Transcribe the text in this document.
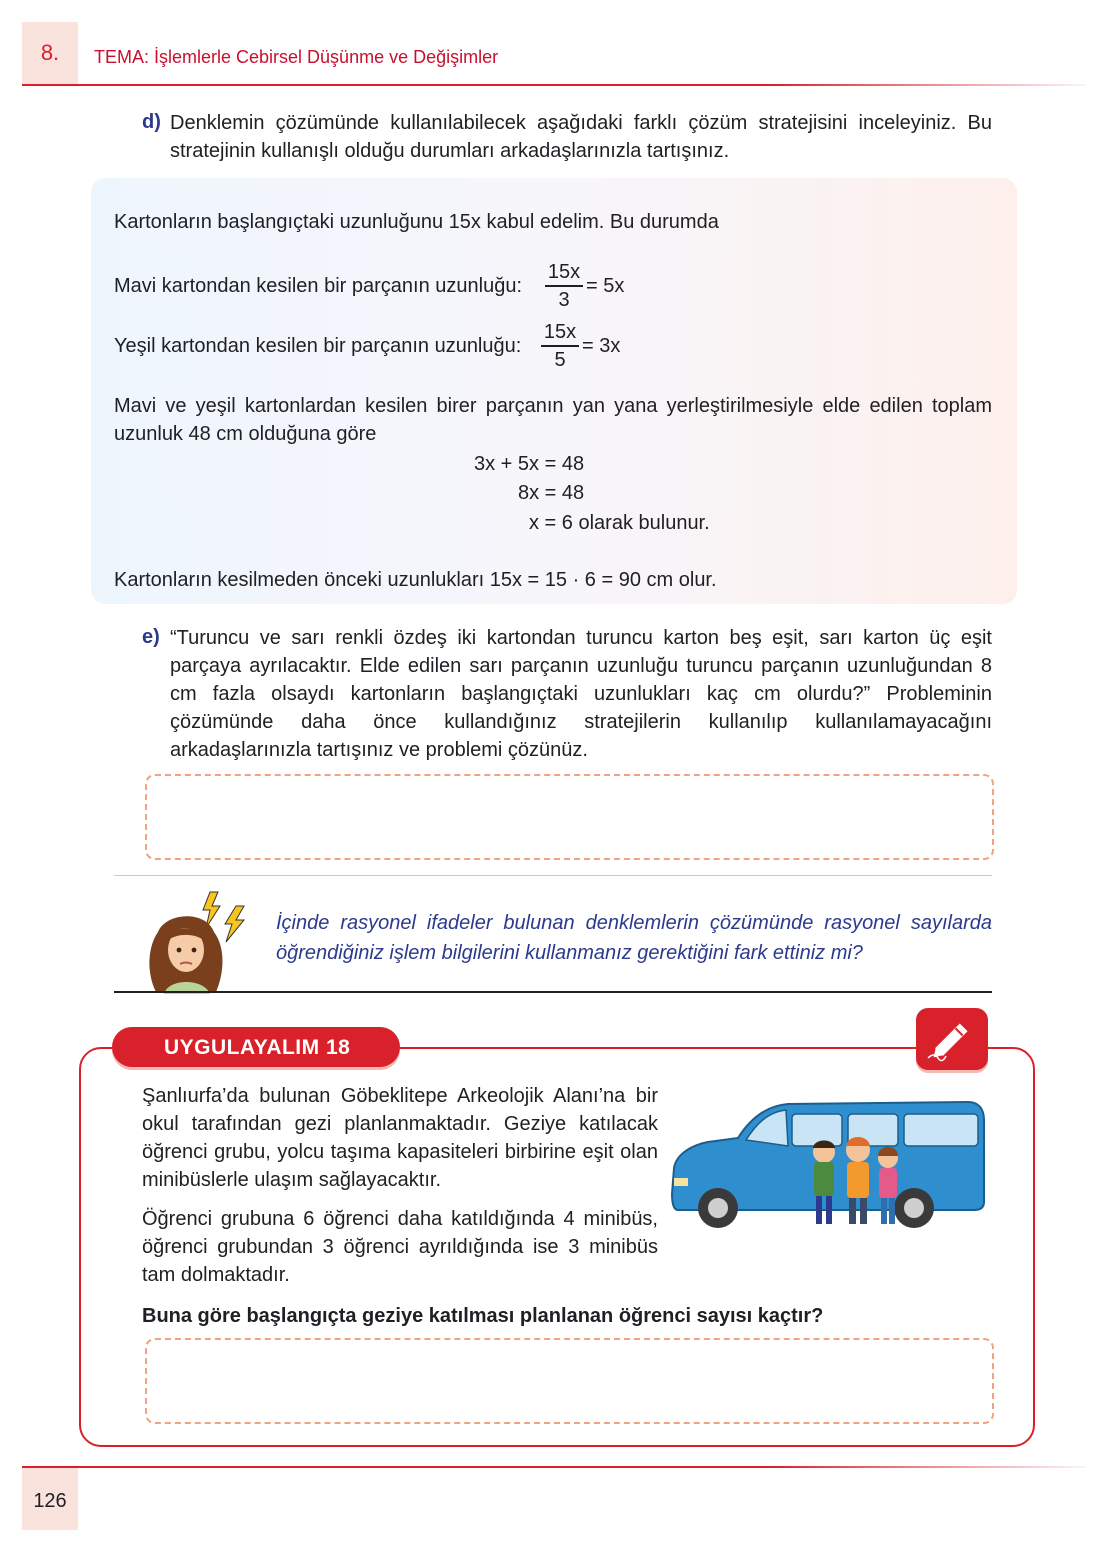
8.	TEMA: İşlemlerle Cebirsel Düşünme ve Değişimler
d) Denklemin çözümünde kullanılabilecek aşağıdaki farklı çözüm stratejisini inceleyiniz. Bu stratejinin kullanışlı olduğu durumları arkadaşlarınızla tartışınız.
Kartonların başlangıçtaki uzunluğunu 15x kabul edelim. Bu durumda
Mavi kartondan kesilen bir parçanın uzunluğu:
15x
3
= 5x
Yeşil kartondan kesilen bir parçanın uzunluğu:
15x
5
= 3x
Mavi ve yeşil kartonlardan kesilen birer parçanın yan yana yerleştirilmesiyle elde edilen toplam uzunluk 48 cm olduğuna göre
3x + 5x = 48
8x = 48
x = 6 olarak bulunur.
Kartonların kesilmeden önceki uzunlukları 15x = 15 · 6 = 90 cm olur.
e) “Turuncu ve sarı renkli özdeş iki kartondan turuncu karton beş eşit, sarı karton üç eşit parçaya ayrılacaktır. Elde edilen sarı parçanın uzunluğu turuncu parçanın uzunluğundan 8 cm fazla olsaydı kartonların başlangıçtaki uzunlukları kaç cm olurdu?” Probleminin çözümünde daha önce kullandığınız stratejilerin kullanılıp kullanılamayacağını arkadaşlarınızla tartışınız ve problemi çözünüz.
İçinde rasyonel ifadeler bulunan denklemlerin çözümünde rasyonel sayılarda öğrendiğiniz işlem bilgilerini kullanmanız gerektiğini fark ettiniz mi?
UYGULAYALIM 18
Şanlıurfa’da bulunan Göbeklitepe Arkeolojik Alanı’na bir okul tarafından gezi planlanmaktadır. Geziye katılacak öğrenci grubu, yolcu taşıma kapasiteleri birbirine eşit olan minibüslerle ulaşım sağlayacaktır.
Öğrenci grubuna 6 öğrenci daha katıldığında 4 minibüs, öğrenci grubundan 3 öğrenci ayrıldığında ise 3 minibüs tam dolmaktadır.
Buna göre başlangıçta geziye katılması planlanan öğrenci sayısı kaçtır?
126
